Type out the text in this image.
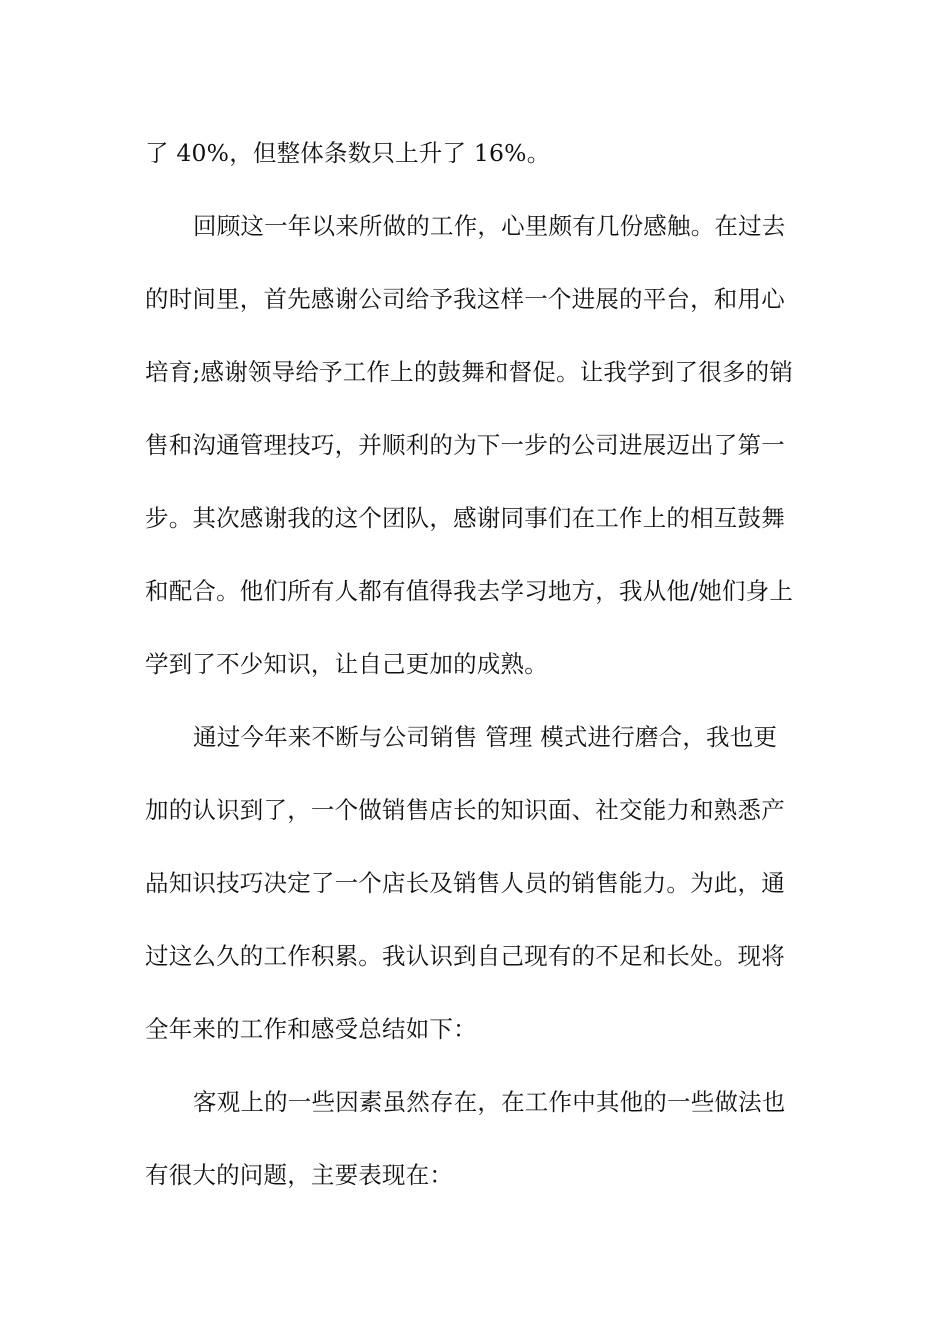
了 40%，但整体条数只上升了 16%。
回顾这一年以来所做的工作，心里颇有几份感触。在过去
的时间里，首先感谢公司给予我这样一个进展的平台，和用心
培育;感谢领导给予工作上的鼓舞和督促。让我学到了很多的销
售和沟通管理技巧，并顺利的为下一步的公司进展迈出了第一
步。其次感谢我的这个团队，感谢同事们在工作上的相互鼓舞
和配合。他们所有人都有值得我去学习地方，我从他/她们身上
学到了不少知识，让自己更加的成熟。
通过今年来不断与公司销售 管理 模式进行磨合，我也更
加的认识到了，一个做销售店长的知识面、社交能力和熟悉产
品知识技巧决定了一个店长及销售人员的销售能力。为此，通
过这么久的工作积累。我认识到自己现有的不足和长处。现将
全年来的工作和感受总结如下：
客观上的一些因素虽然存在，在工作中其他的一些做法也
有很大的问题，主要表现在：
